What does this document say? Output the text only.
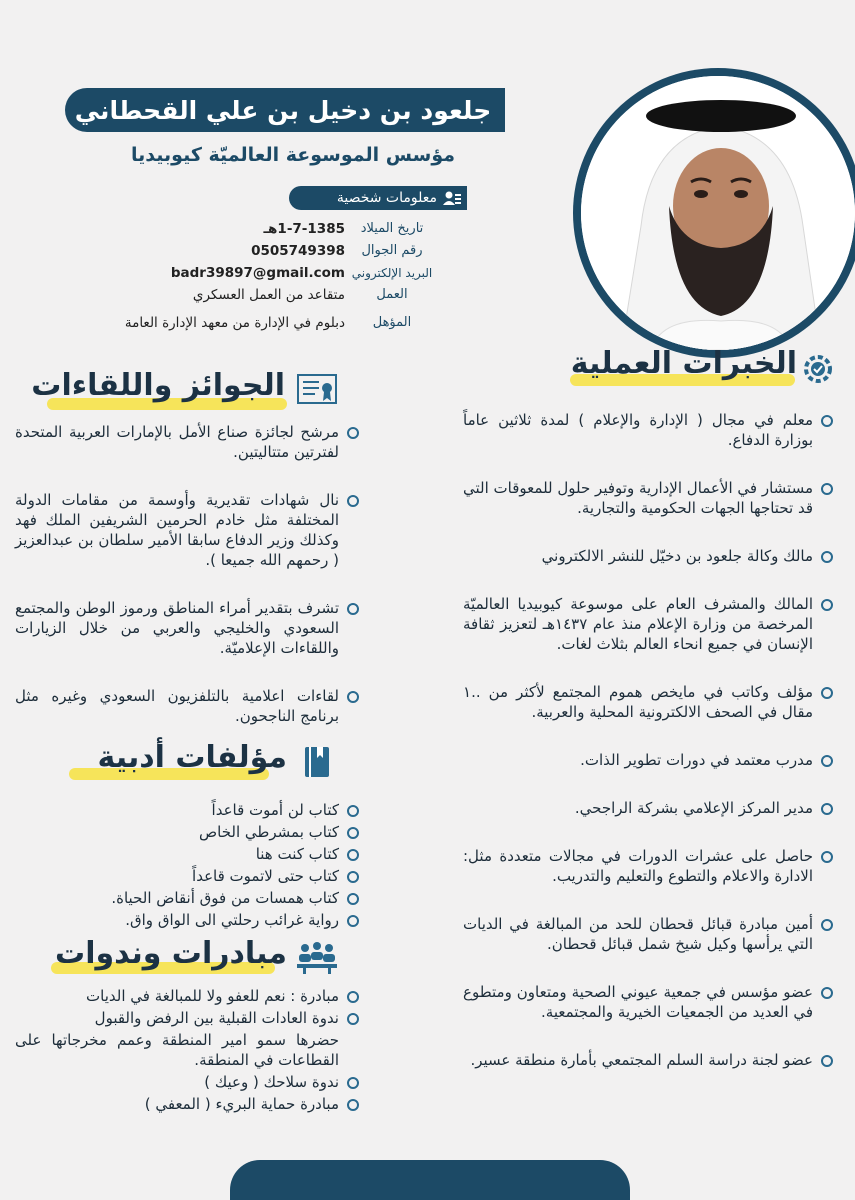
جلعود بن دخيل بن علي القحطاني
مؤسس الموسوعة العالميّة كيوبيديا
معلومات شخصية
تاريخ الميلاد
رقم الجوال
البريد الإلكتروني
العمل
المؤهل
1-7-1385هـ
0505749398
badr39897@gmail.com
متقاعد من العمل العسكري
دبلوم في الإدارة من معهد الإدارة العامة
الخبرات العملية
معلم في مجال ( الإدارة والإعلام ) لمدة ثلاثين عاماً بوزارة الدفاع.
مستشار في الأعمال الإدارية وتوفير حلول للمعوقات التي قد تحتاجها الجهات الحكومية والتجارية.
مالك وكالة جلعود بن دخيّل للنشر الالكتروني
المالك والمشرف العام على موسوعة كيوبيديا العالميّة المرخصة من وزارة الإعلام منذ عام ١٤٣٧هـ لتعزيز ثقافة الإنسان في جميع انحاء العالم بثلاث لغات.
مؤلف وكاتب في مايخص هموم المجتمع لأكثر من ..١ مقال في الصحف الالكترونية المحلية والعربية.
مدرب معتمد في دورات تطوير الذات.
مدير المركز الإعلامي بشركة الراجحي.
حاصل على عشرات الدورات في مجالات متعددة مثل: الادارة والاعلام والتطوع والتعليم والتدريب.
أمين مبادرة قبائل قحطان للحد من المبالغة في الديات التي يرأسها وكيل شيخ شمل قبائل قحطان.
عضو مؤسس في جمعية عيوني الصحية ومتعاون ومتطوع في العديد من الجمعيات الخيرية والمجتمعية.
عضو لجنة دراسة السلم المجتمعي بأمارة منطقة عسير.
الجوائز واللقاءات
مرشح لجائزة صناع الأمل بالإمارات العربية المتحدة لفترتين متتاليتين.
نال شهادات تقديرية وأوسمة من مقامات الدولة المختلفة مثل خادم الحرمين الشريفين الملك فهد وكذلك وزير الدفاع سابقا الأمير سلطان بن عبدالعزيز ( رحمهم الله جميعا ).
تشرف بتقدير أمراء المناطق ورموز الوطن والمجتمع السعودي والخليجي والعربي من خلال الزيارات واللقاءات الإعلاميّة.
لقاءات اعلامية بالتلفزيون السعودي وغيره مثل برنامج الناجحون.
مؤلفات أدبية
كتاب لن أموت قاعداً
كتاب بمشرطي الخاص
كتاب كنت هنا
كتاب حتى لاتموت قاعداً
كتاب همسات من فوق أنقاض الحياة.
رواية غرائب رحلتي الى الواق واق.
مبادرات وندوات
مبادرة : نعم للعفو ولا للمبالغة في الديات
ندوة العادات القبلية بين الرفض والقبول
حضرها سمو امير المنطقة وعمم مخرجاتها على القطاعات في المنطقة.
ندوة سلاحك ( وعيك )
مبادرة حماية البريء ( المعفي )
